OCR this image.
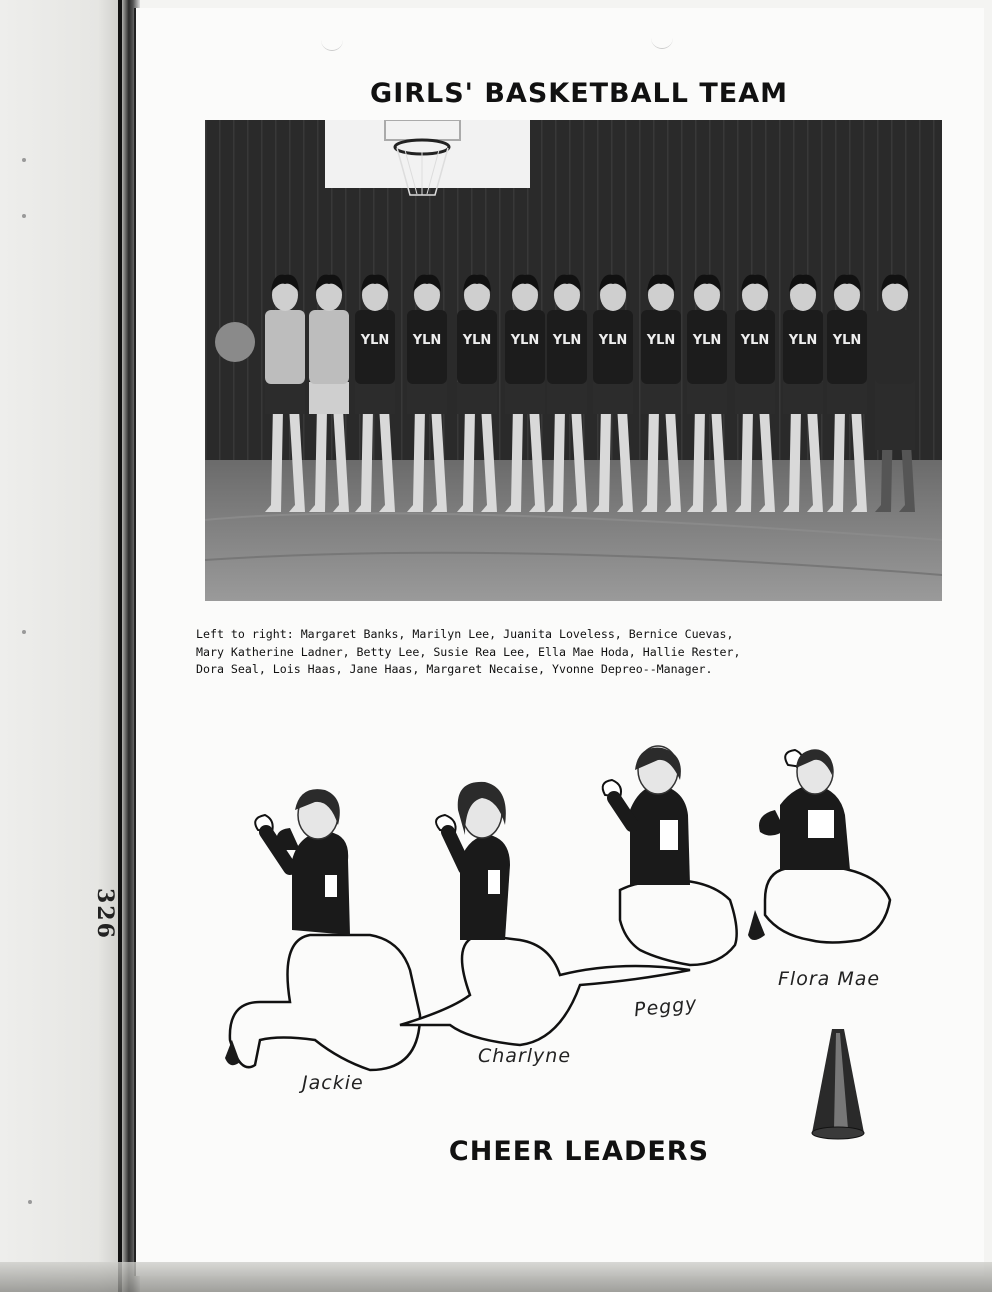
GIRLS' BASKETBALL TEAM
YLN YLN YLN YLN YLN YLN YLN YLN YLN YLN YLN
Left to right: Margaret Banks, Marilyn Lee, Juanita Loveless, Bernice Cuevas,
Mary Katherine Ladner, Betty Lee, Susie Rea Lee, Ella Mae Hoda, Hallie Rester,
Dora Seal, Lois Haas, Jane Haas, Margaret Necaise, Yvonne Depreo--Manager.
326
Jackie
Charlyne
Peggy
Flora Mae
CHEER LEADERS
